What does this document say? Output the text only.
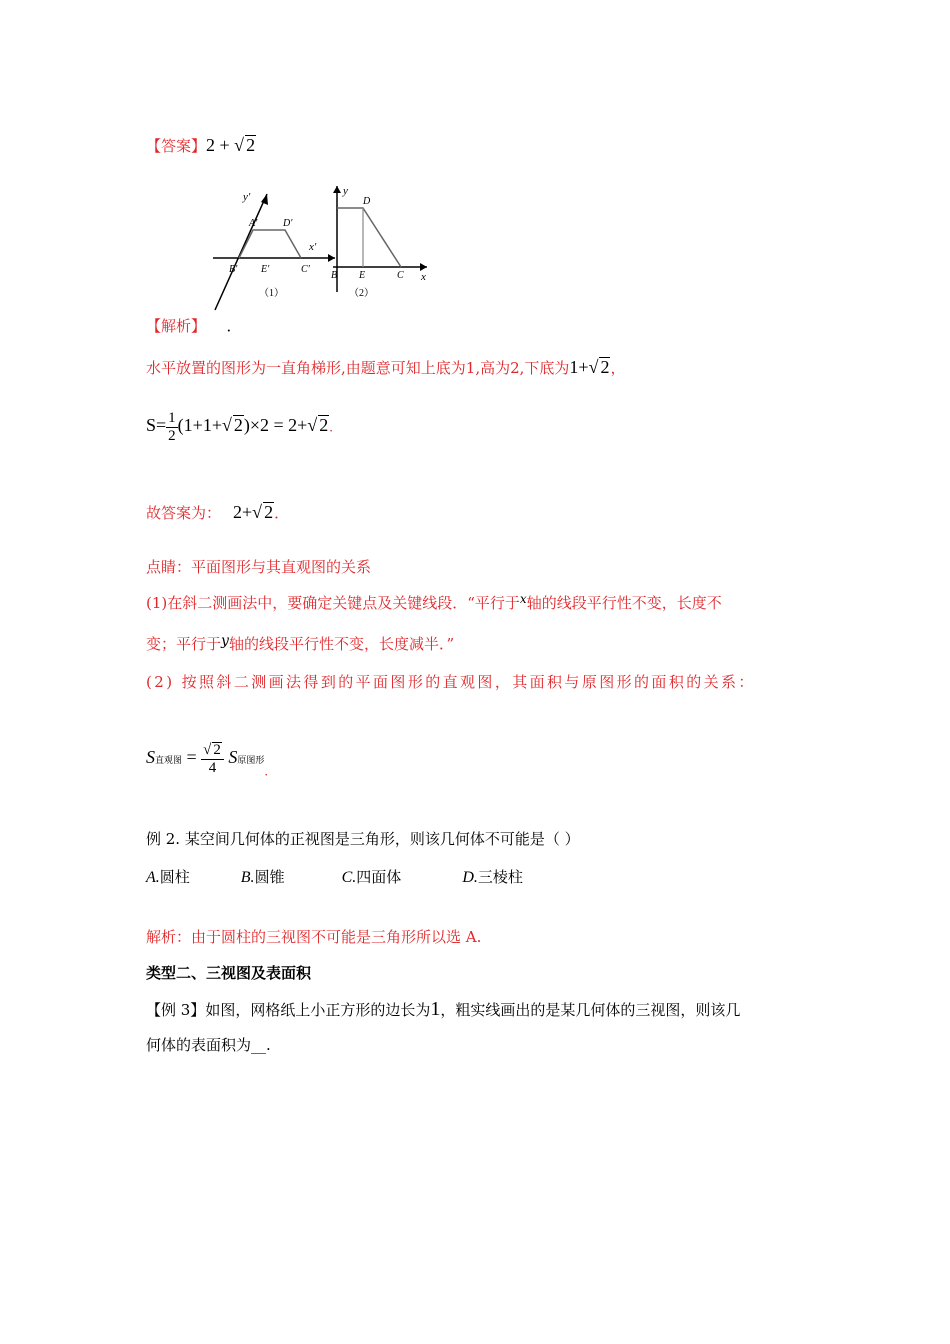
【答案】2 + √ 2
y′
x′
A′	D′
B′ E′	C′
（1）
y
x
D
B E	C
（2）
【解析】 ．
水平放置的图形为一直角梯形,由题意可知上底为1,高为2,下底为1+√ 2，
$S= \frac{1}{2} (1+1+√$ 2)×2 = 2+√ 2．
故答案为： 2+√ 2．
点睛：平面图形与其直观图的关系
(1)在斜二测画法中，要确定关键点及关键线段．“平行于$^x$轴的线段平行性不变，长度不
变；平行于y轴的线段平行性不变，长度减半．”
(2) 按照斜二测画法得到的平面图形的直观图，其面积与原图形的面积的关系：
S直观图 = $\frac{√ 2}{4}$ S原图形$_.$
例 2. 某空间几何体的正视图是三角形，则该几何体不可能是（ ）
A.圆柱	B.圆锥	C.四面体	D.三棱柱
解析：由于圆柱的三视图不可能是三角形所以选 A.
类型二、三视图及表面积
【例 3】如图，网格纸上小正方形的边长为1，粗实线画出的是某几何体的三视图，则该几
何体的表面积为__.
